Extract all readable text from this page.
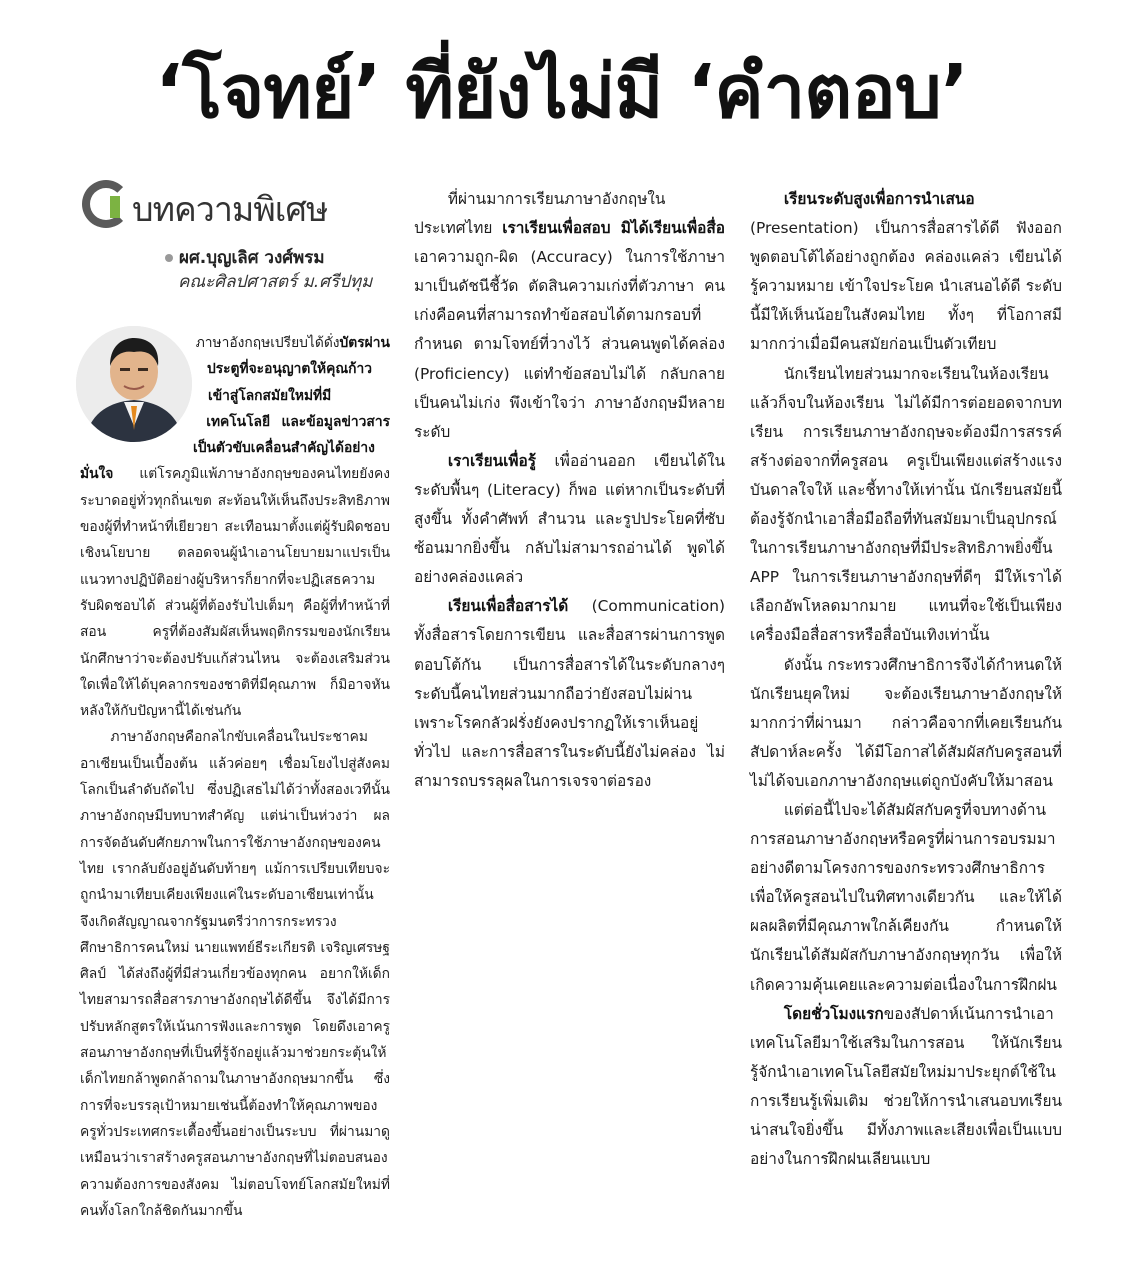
‘โจทย์’ ที่ยังไม่มี ‘คำตอบ’
บทความพิเศษ
ผศ.บุญเลิศ วงศ์พรม
คณะศิลปศาสตร์ ม.ศรีปทุม

ภาษาอังกฤษเปรียบได้ดั่งบัตรผ่านประตูที่จะอนุญาตให้คุณก้าวเข้าสู่โลกสมัยใหม่ที่มีเทคโนโลยี และข้อมูลข่าวสารเป็นตัวขับเคลื่อนสำคัญได้อย่างมั่นใจ แต่โรคภูมิแพ้ภาษาอังกฤษของคนไทยยังคงระบาดอยู่ทั่วทุกถิ่นเขต สะท้อนให้เห็นถึงประสิทธิภาพของผู้ที่ทำหน้าที่เยียวยา สะเทือนมาตั้งแต่ผู้รับผิดชอบเชิงนโยบาย ตลอดจนผู้นำเอานโยบายมาแปรเป็นแนวทางปฏิบัติอย่างผู้บริหารก็ยากที่จะปฏิเสธความรับผิดชอบได้ ส่วนผู้ที่ต้องรับไปเต็มๆ คือผู้ที่ทำหน้าที่สอน ครูที่ต้องสัมผัสเห็นพฤติกรรมของนักเรียนนักศึกษาว่าจะต้องปรับแก้ส่วนไหน จะต้องเสริมส่วนใดเพื่อให้ได้บุคลากรของชาติที่มีคุณภาพ ก็มิอาจหันหลังให้กับปัญหานี้ได้เช่นกัน

ภาษาอังกฤษคือกลไกขับเคลื่อนในประชาคมอาเซียนเป็นเบื้องต้น แล้วค่อยๆ เชื่อมโยงไปสู่สังคมโลกเป็นลำดับถัดไป ซึ่งปฏิเสธไม่ได้ว่าทั้งสองเวทีนั้นภาษาอังกฤษมีบทบาทสำคัญ แต่น่าเป็นห่วงว่า ผลการจัดอันดับศักยภาพในการใช้ภาษาอังกฤษของคนไทย เรากลับยังอยู่อันดับท้ายๆ แม้การเปรียบเทียบจะถูกนำมาเทียบเคียงเพียงแค่ในระดับอาเซียนเท่านั้น จึงเกิดสัญญาณจากรัฐมนตรีว่าการกระทรวงศึกษาธิการคนใหม่ นายแพทย์ธีระเกียรติ เจริญเศรษฐศิลป์ ได้ส่งถึงผู้ที่มีส่วนเกี่ยวข้องทุกคน อยากให้เด็กไทยสามารถสื่อสารภาษาอังกฤษได้ดีขึ้น จึงได้มีการปรับหลักสูตรให้เน้นการฟังและการพูด โดยดึงเอาครูสอนภาษาอังกฤษที่เป็นที่รู้จักอยู่แล้วมาช่วยกระตุ้นให้เด็กไทยกล้าพูดกล้าถามในภาษาอังกฤษมากขึ้น ซึ่งการที่จะบรรลุเป้าหมายเช่นนี้ต้องทำให้คุณภาพของครูทั่วประเทศกระเตื้องขึ้นอย่างเป็นระบบ ที่ผ่านมาดูเหมือนว่าเราสร้างครูสอนภาษาอังกฤษที่ไม่ตอบสนองความต้องการของสังคม ไม่ตอบโจทย์โลกสมัยใหม่ที่คนทั้งโลกใกล้ชิดกันมากขึ้น

ที่ผ่านมาการเรียนภาษาอังกฤษในประเทศไทย เราเรียนเพื่อสอบ มิได้เรียนเพื่อสื่อ เอาความถูก-ผิด (Accuracy) ในการใช้ภาษามาเป็นดัชนีชี้วัด ตัดสินความเก่งที่ตัวภาษา คนเก่งคือคนที่สามารถทำข้อสอบได้ตามกรอบที่กำหนด ตามโจทย์ที่วางไว้ ส่วนคนพูดได้คล่อง (Proficiency) แต่ทำข้อสอบไม่ได้ กลับกลายเป็นคนไม่เก่ง พึงเข้าใจว่า ภาษาอังกฤษมีหลายระดับ

เราเรียนเพื่อรู้ เพื่ออ่านออก เขียนได้ในระดับพื้นๆ (Literacy) ก็พอ แต่หากเป็นระดับที่สูงขึ้น ทั้งคำศัพท์ สำนวน และรูปประโยคที่ซับซ้อนมากยิ่งขึ้น กลับไม่สามารถอ่านได้ พูดได้อย่างคล่องแคล่ว

เรียนเพื่อสื่อสารได้ (Communication) ทั้งสื่อสารโดยการเขียน และสื่อสารผ่านการพูดตอบโต้กัน เป็นการสื่อสารได้ในระดับกลางๆ ระดับนี้คนไทยส่วนมากถือว่ายังสอบไม่ผ่าน เพราะโรคกลัวฝรั่งยังคงปรากฏให้เราเห็นอยู่ทั่วไป และการสื่อสารในระดับนี้ยังไม่คล่อง ไม่สามารถบรรลุผลในการเจรจาต่อรอง

เรียนระดับสูงเพื่อการนำเสนอ (Presentation) เป็นการสื่อสารได้ดี ฟังออก พูดตอบโต้ได้อย่างถูกต้อง คล่องแคล่ว เขียนได้ รู้ความหมาย เข้าใจประโยค นำเสนอได้ดี ระดับนี้มีให้เห็นน้อยในสังคมไทย ทั้งๆ ที่โอกาสมีมากกว่าเมื่อมีคนสมัยก่อนเป็นตัวเทียบ

นักเรียนไทยส่วนมากจะเรียนในห้องเรียนแล้วก็จบในห้องเรียน ไม่ได้มีการต่อยอดจากบทเรียน การเรียนภาษาอังกฤษจะต้องมีการสรรค์สร้างต่อจากที่ครูสอน ครูเป็นเพียงแต่สร้างแรงบันดาลใจให้ และชี้ทางให้เท่านั้น นักเรียนสมัยนี้ต้องรู้จักนำเอาสื่อมือถือที่ทันสมัยมาเป็นอุปกรณ์ในการเรียนภาษาอังกฤษที่มีประสิทธิภาพยิ่งขึ้น APP ในการเรียนภาษาอังกฤษที่ดีๆ มีให้เราได้เลือกอัพโหลดมากมาย แทนที่จะใช้เป็นเพียงเครื่องมือสื่อสารหรือสื่อบันเทิงเท่านั้น

ดังนั้น กระทรวงศึกษาธิการจึงได้กำหนดให้นักเรียนยุคใหม่ จะต้องเรียนภาษาอังกฤษให้มากกว่าที่ผ่านมา กล่าวคือจากที่เคยเรียนกันสัปดาห์ละครั้ง ได้มีโอกาสได้สัมผัสกับครูสอนที่ไม่ได้จบเอกภาษาอังกฤษแต่ถูกบังคับให้มาสอน

แต่ต่อนี้ไปจะได้สัมผัสกับครูที่จบทางด้านการสอนภาษาอังกฤษหรือครูที่ผ่านการอบรมมาอย่างดีตามโครงการของกระทรวงศึกษาธิการ เพื่อให้ครูสอนไปในทิศทางเดียวกัน และให้ได้ผลผลิตที่มีคุณภาพใกล้เคียงกัน กำหนดให้นักเรียนได้สัมผัสกับภาษาอังกฤษทุกวัน เพื่อให้เกิดความคุ้นเคยและความต่อเนื่องในการฝึกฝน

โดยชั่วโมงแรกของสัปดาห์เน้นการนำเอาเทคโนโลยีมาใช้เสริมในการสอน ให้นักเรียนรู้จักนำเอาเทคโนโลยีสมัยใหม่มาประยุกต์ใช้ในการเรียนรู้เพิ่มเติม ช่วยให้การนำเสนอบทเรียนน่าสนใจยิ่งขึ้น มีทั้งภาพและเสียงเพื่อเป็นแบบอย่างในการฝึกฝนเลียนแบบ
